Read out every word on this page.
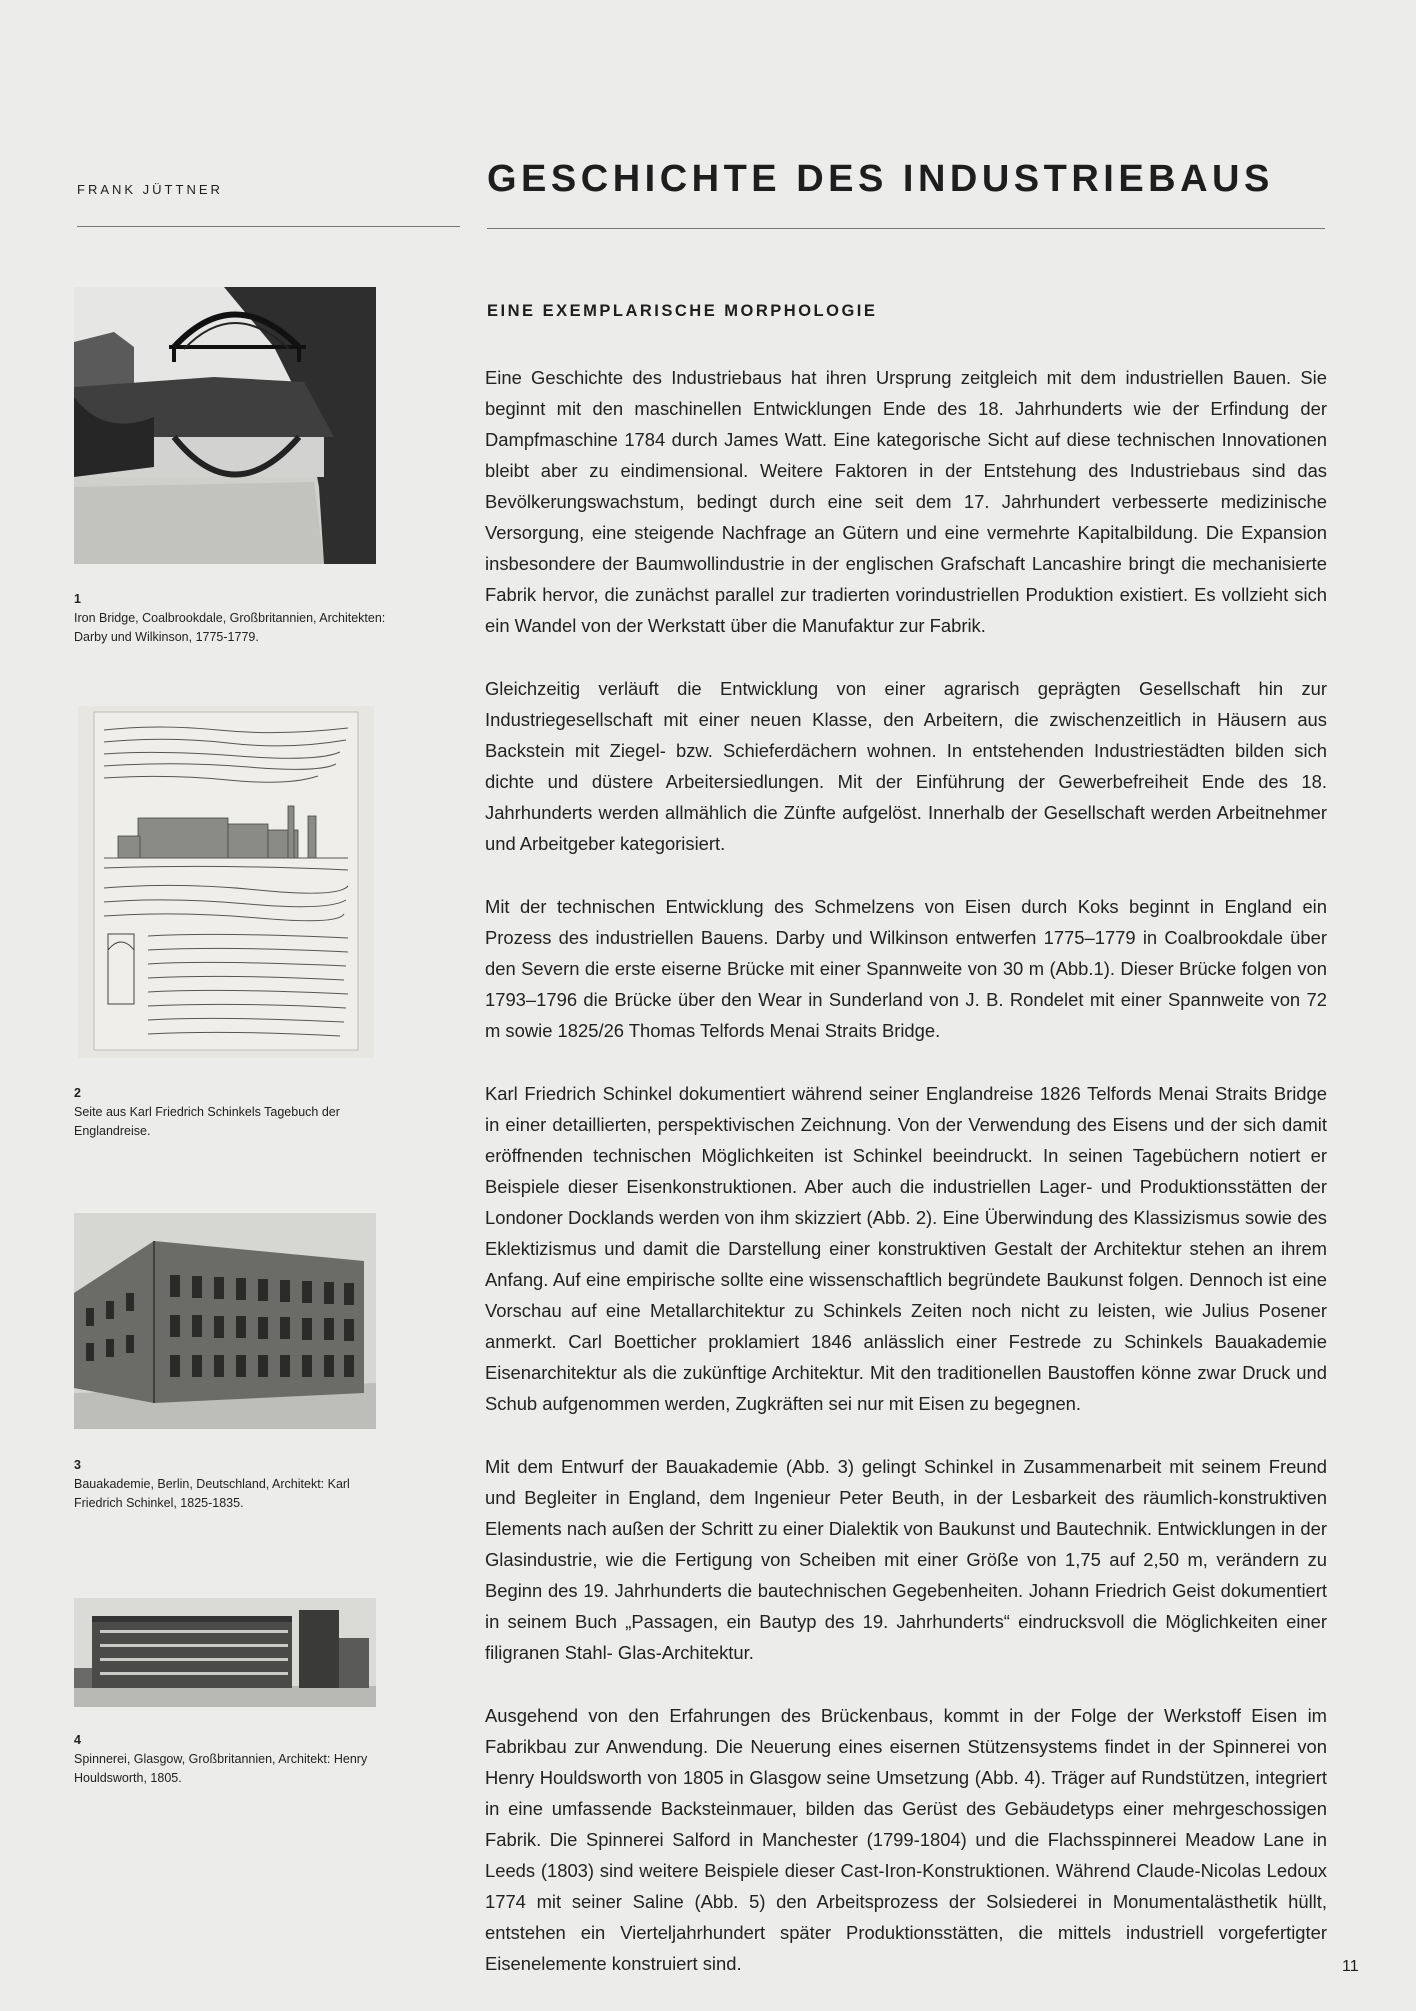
FRANK JÜTTNER	GESCHICHTE DES INDUSTRIEBAUS
EINE EXEMPLARISCHE MORPHOLOGIE
1
Iron Bridge, Coalbrookdale, Großbritannien, Architekten: Darby und Wilkinson, 1775-1779.
2
Seite aus Karl Friedrich Schinkels Tagebuch der Englandreise.
3
Bauakademie, Berlin, Deutschland, Architekt: Karl Friedrich Schinkel, 1825-1835.
4
Spinnerei, Glasgow, Großbritannien, Architekt: Henry Houldsworth, 1805.

Eine Geschichte des Industriebaus hat ihren Ursprung zeitgleich mit dem industriellen Bauen. Sie beginnt mit den maschinellen Entwicklungen Ende des 18. Jahrhunderts wie der Erfindung der Dampfmaschine 1784 durch James Watt. Eine kategorische Sicht auf diese technischen Innovationen bleibt aber zu eindimensional. Weitere Faktoren in der Entstehung des Industriebaus sind das Bevölkerungswachstum, bedingt durch eine seit dem 17. Jahrhundert verbesserte medizinische Versorgung, eine steigende Nachfrage an Gütern und eine vermehrte Kapitalbildung. Die Expansion insbesondere der Baumwollindustrie in der englischen Grafschaft Lancashire bringt die mechanisierte Fabrik hervor, die zunächst parallel zur tradierten vorindustriellen Produktion existiert. Es vollzieht sich ein Wandel von der Werkstatt über die Manufaktur zur Fabrik.

Gleichzeitig verläuft die Entwicklung von einer agrarisch geprägten Gesellschaft hin zur Industriegesellschaft mit einer neuen Klasse, den Arbeitern, die zwischenzeitlich in Häusern aus Backstein mit Ziegel- bzw. Schieferdächern wohnen. In entstehenden Industriestädten bilden sich dichte und düstere Arbeitersiedlungen. Mit der Einführung der Gewerbefreiheit Ende des 18. Jahrhunderts werden allmählich die Zünfte aufgelöst. Innerhalb der Gesellschaft werden Arbeitnehmer und Arbeitgeber kategorisiert.

Mit der technischen Entwicklung des Schmelzens von Eisen durch Koks beginnt in England ein Prozess des industriellen Bauens. Darby und Wilkinson entwerfen 1775–1779 in Coalbrookdale über den Severn die erste eiserne Brücke mit einer Spannweite von 30 m (Abb.1). Dieser Brücke folgen von 1793–1796 die Brücke über den Wear in Sunderland von J. B. Rondelet mit einer Spannweite von 72 m sowie 1825/26 Thomas Telfords Menai Straits Bridge.

Karl Friedrich Schinkel dokumentiert während seiner Englandreise 1826 Telfords Menai Straits Bridge in einer detaillierten, perspektivischen Zeichnung. Von der Verwendung des Eisens und der sich damit eröffnenden technischen Möglichkeiten ist Schinkel beeindruckt. In seinen Tagebüchern notiert er Beispiele dieser Eisenkonstruktionen. Aber auch die industriellen Lager- und Produktionsstätten der Londoner Docklands werden von ihm skizziert (Abb. 2). Eine Überwindung des Klassizismus sowie des Eklektizismus und damit die Darstellung einer konstruktiven Gestalt der Architektur stehen an ihrem Anfang. Auf eine empirische sollte eine wissenschaftlich begründete Baukunst folgen. Dennoch ist eine Vorschau auf eine Metallarchitektur zu Schinkels Zeiten noch nicht zu leisten, wie Julius Posener anmerkt. Carl Boetticher proklamiert 1846 anlässlich einer Festrede zu Schinkels Bauakademie Eisenarchitektur als die zukünftige Architektur. Mit den traditionellen Baustoffen könne zwar Druck und Schub aufgenommen werden, Zugkräften sei nur mit Eisen zu begegnen.

Mit dem Entwurf der Bauakademie (Abb. 3) gelingt Schinkel in Zusammenarbeit mit seinem Freund und Begleiter in England, dem Ingenieur Peter Beuth, in der Lesbarkeit des räumlich-konstruktiven Elements nach außen der Schritt zu einer Dialektik von Baukunst und Bautechnik. Entwicklungen in der Glasindustrie, wie die Fertigung von Scheiben mit einer Größe von 1,75 auf 2,50 m, verändern zu Beginn des 19. Jahrhunderts die bautechnischen Gegebenheiten. Johann Friedrich Geist dokumentiert in seinem Buch „Passagen, ein Bautyp des 19. Jahrhunderts“ eindrucksvoll die Möglichkeiten einer filigranen Stahl- Glas-Architektur.

Ausgehend von den Erfahrungen des Brückenbaus, kommt in der Folge der Werkstoff Eisen im Fabrikbau zur Anwendung. Die Neuerung eines eisernen Stützensystems findet in der Spinnerei von Henry Houldsworth von 1805 in Glasgow seine Umsetzung (Abb. 4). Träger auf Rundstützen, integriert in eine umfassende Backsteinmauer, bilden das Gerüst des Gebäudetyps einer mehrgeschossigen Fabrik. Die Spinnerei Salford in Manchester (1799-1804) und die Flachsspinnerei Meadow Lane in Leeds (1803) sind weitere Beispiele dieser Cast-Iron-Konstruktionen. Während Claude-Nicolas Ledoux 1774 mit seiner Saline (Abb. 5) den Arbeitsprozess der Solsiederei in Monumentalästhetik hüllt, entstehen ein Vierteljahrhundert später Produktionsstätten, die mittels industriell vorgefertigter Eisenelemente konstruiert sind.	11
